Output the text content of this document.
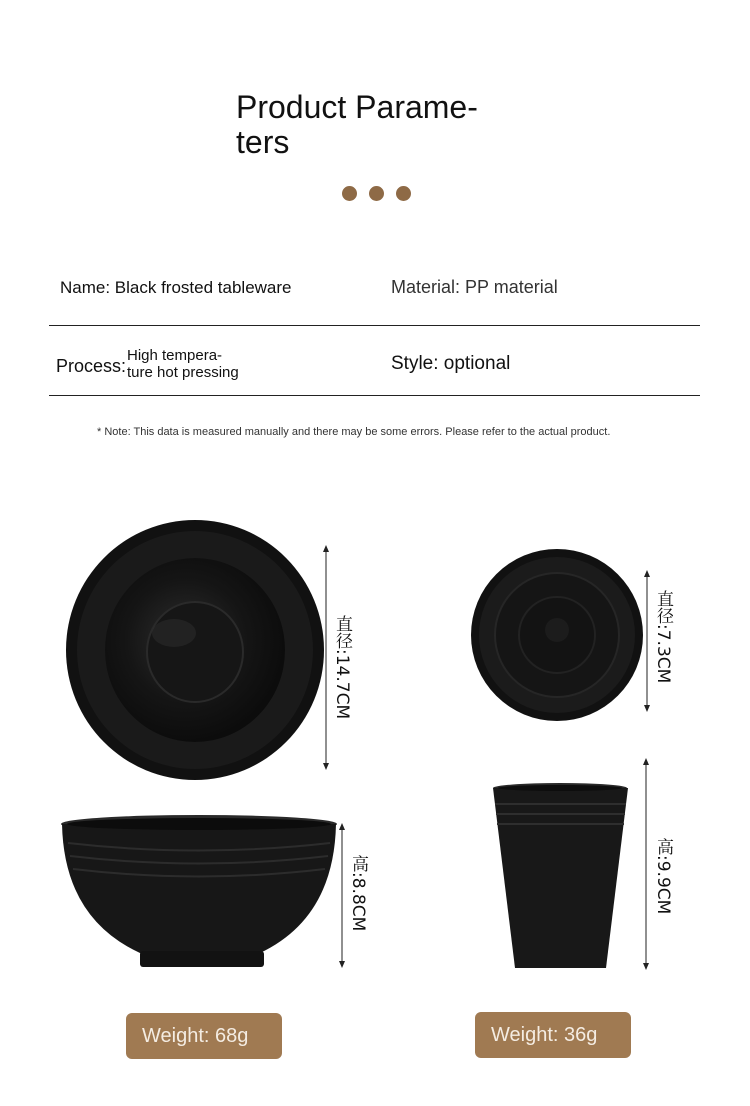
Product Parame-
ters
Name: Black frosted tableware	Material: PP material
Process:
High tempera-
ture hot pressing	Style: optional
* Note: This data is measured manually and there may be some errors. Please refer to the actual product.
直径:14.7CM
高:8.8CM
直径:7.3CM
高:9.9CM
Weight: 68g	Weight: 36g
